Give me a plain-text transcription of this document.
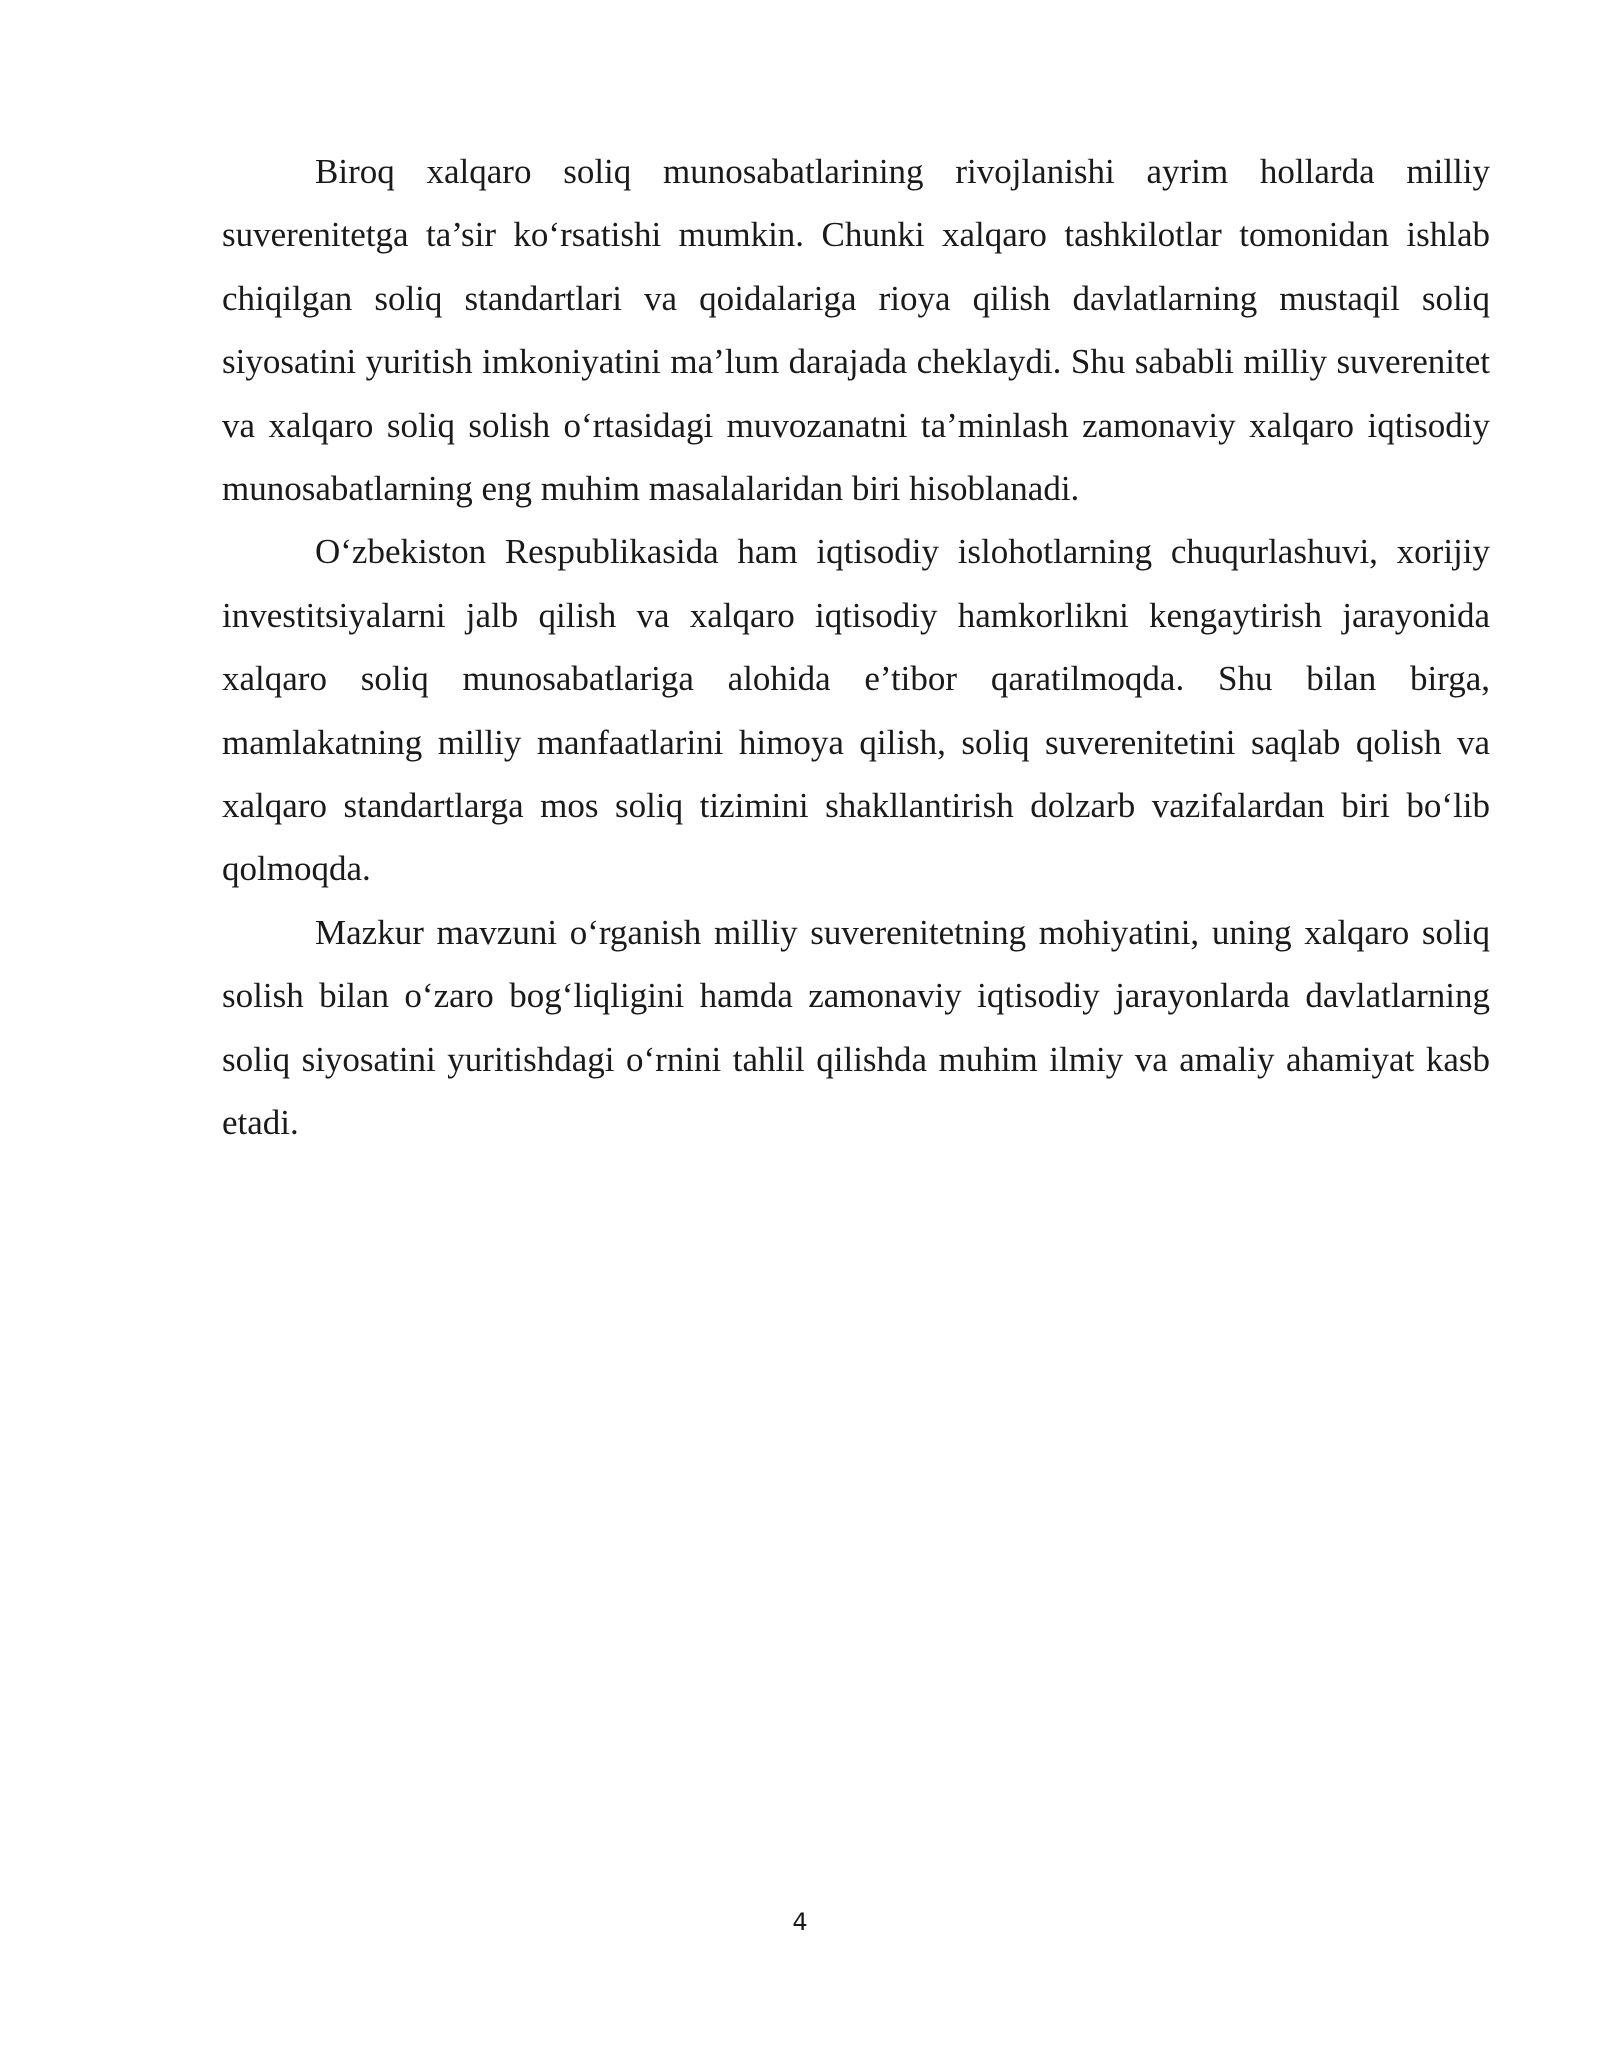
Biroq xalqaro soliq munosabatlarining rivojlanishi ayrim hollarda milliy suverenitetga ta’sir ko‘rsatishi mumkin. Chunki xalqaro tashkilotlar tomonidan ishlab chiqilgan soliq standartlari va qoidalariga rioya qilish davlatlarning mustaqil soliq siyosatini yuritish imkoniyatini ma’lum darajada cheklaydi. Shu sababli milliy suverenitet va xalqaro soliq solish o‘rtasidagi muvozanatni ta’minlash zamonaviy xalqaro iqtisodiy munosabatlarning eng muhim masalalaridan biri hisoblanadi.

O‘zbekiston Respublikasida ham iqtisodiy islohotlarning chuqurlashuvi, xorijiy investitsiyalarni jalb qilish va xalqaro iqtisodiy hamkorlikni kengaytirish jarayonida xalqaro soliq munosabatlariga alohida e’tibor qaratilmoqda. Shu bilan birga, mamlakatning milliy manfaatlarini himoya qilish, soliq suverenitetini saqlab qolish va xalqaro standartlarga mos soliq tizimini shakllantirish dolzarb vazifalardan biri bo‘lib qolmoqda.

Mazkur mavzuni o‘rganish milliy suverenitetning mohiyatini, uning xalqaro soliq solish bilan o‘zaro bog‘liqligini hamda zamonaviy iqtisodiy jarayonlarda davlatlarning soliq siyosatini yuritishdagi o‘rnini tahlil qilishda muhim ilmiy va amaliy ahamiyat kasb etadi.

4
